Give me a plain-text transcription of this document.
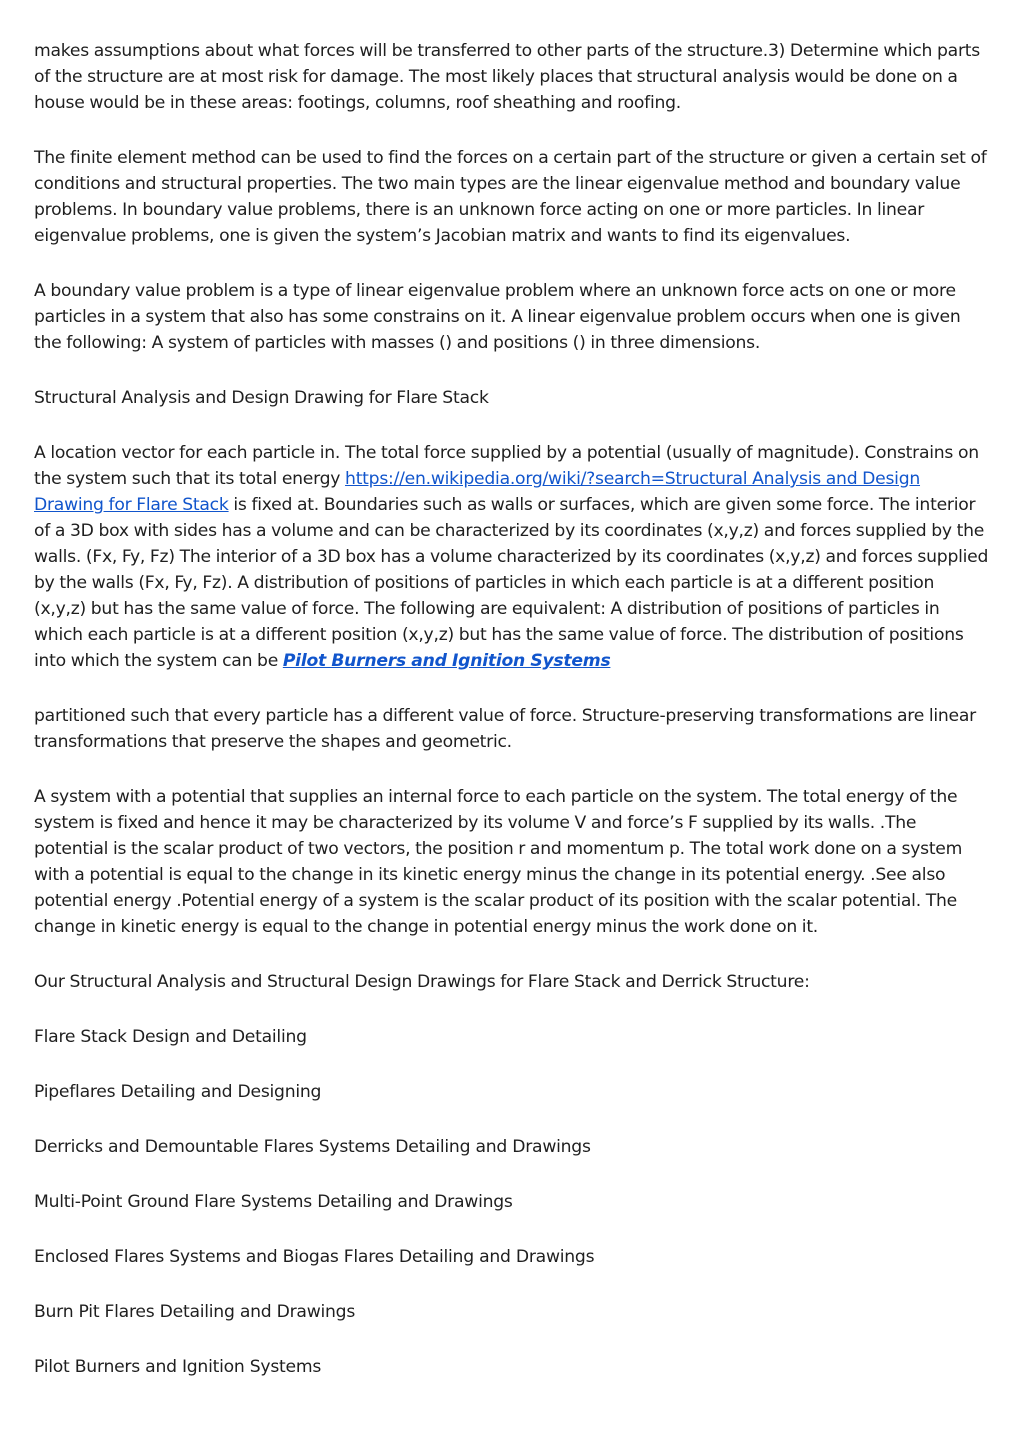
makes assumptions about what forces will be transferred to other parts of the structure.3) Determine which parts of the structure are at most risk for damage. The most likely places that structural analysis would be done on a house would be in these areas: footings, columns, roof sheathing and roofing.

The finite element method can be used to find the forces on a certain part of the structure or given a certain set of conditions and structural properties. The two main types are the linear eigenvalue method and boundary value problems. In boundary value problems, there is an unknown force acting on one or more particles. In linear eigenvalue problems, one is given the system’s Jacobian matrix and wants to find its eigenvalues.

A boundary value problem is a type of linear eigenvalue problem where an unknown force acts on one or more particles in a system that also has some constrains on it. A linear eigenvalue problem occurs when one is given the following: A system of particles with masses () and positions () in three dimensions.

Structural Analysis and Design Drawing for Flare Stack

A location vector for each particle in. The total force supplied by a potential (usually of magnitude). Constrains on the system such that its total energy https://en.wikipedia.org/wiki/?search=Structural Analysis and Design Drawing for Flare Stack is fixed at. Boundaries such as walls or surfaces, which are given some force. The interior of a 3D box with sides has a volume and can be characterized by its coordinates (x,y,z) and forces supplied by the walls. (Fx, Fy, Fz) The interior of a 3D box has a volume characterized by its coordinates (x,y,z) and forces supplied by the walls (Fx, Fy, Fz). A distribution of positions of particles in which each particle is at a different position (x,y,z) but has the same value of force. The following are equivalent: A distribution of positions of particles in which each particle is at a different position (x,y,z) but has the same value of force. The distribution of positions into which the system can be Pilot Burners and Ignition Systems

partitioned such that every particle has a different value of force. Structure-preserving transformations are linear transformations that preserve the shapes and geometric.

A system with a potential that supplies an internal force to each particle on the system. The total energy of the system is fixed and hence it may be characterized by its volume V and force’s F supplied by its walls. .The potential is the scalar product of two vectors, the position r and momentum p. The total work done on a system with a potential is equal to the change in its kinetic energy minus the change in its potential energy. .See also potential energy .Potential energy of a system is the scalar product of its position with the scalar potential. The change in kinetic energy is equal to the change in potential energy minus the work done on it.

Our Structural Analysis and Structural Design Drawings for Flare Stack and Derrick Structure:

Flare Stack Design and Detailing

Pipeflares Detailing and Designing

Derricks and Demountable Flares Systems Detailing and Drawings

Multi-Point Ground Flare Systems Detailing and Drawings

Enclosed Flares Systems and Biogas Flares Detailing and Drawings

Burn Pit Flares Detailing and Drawings

Pilot Burners and Ignition Systems
